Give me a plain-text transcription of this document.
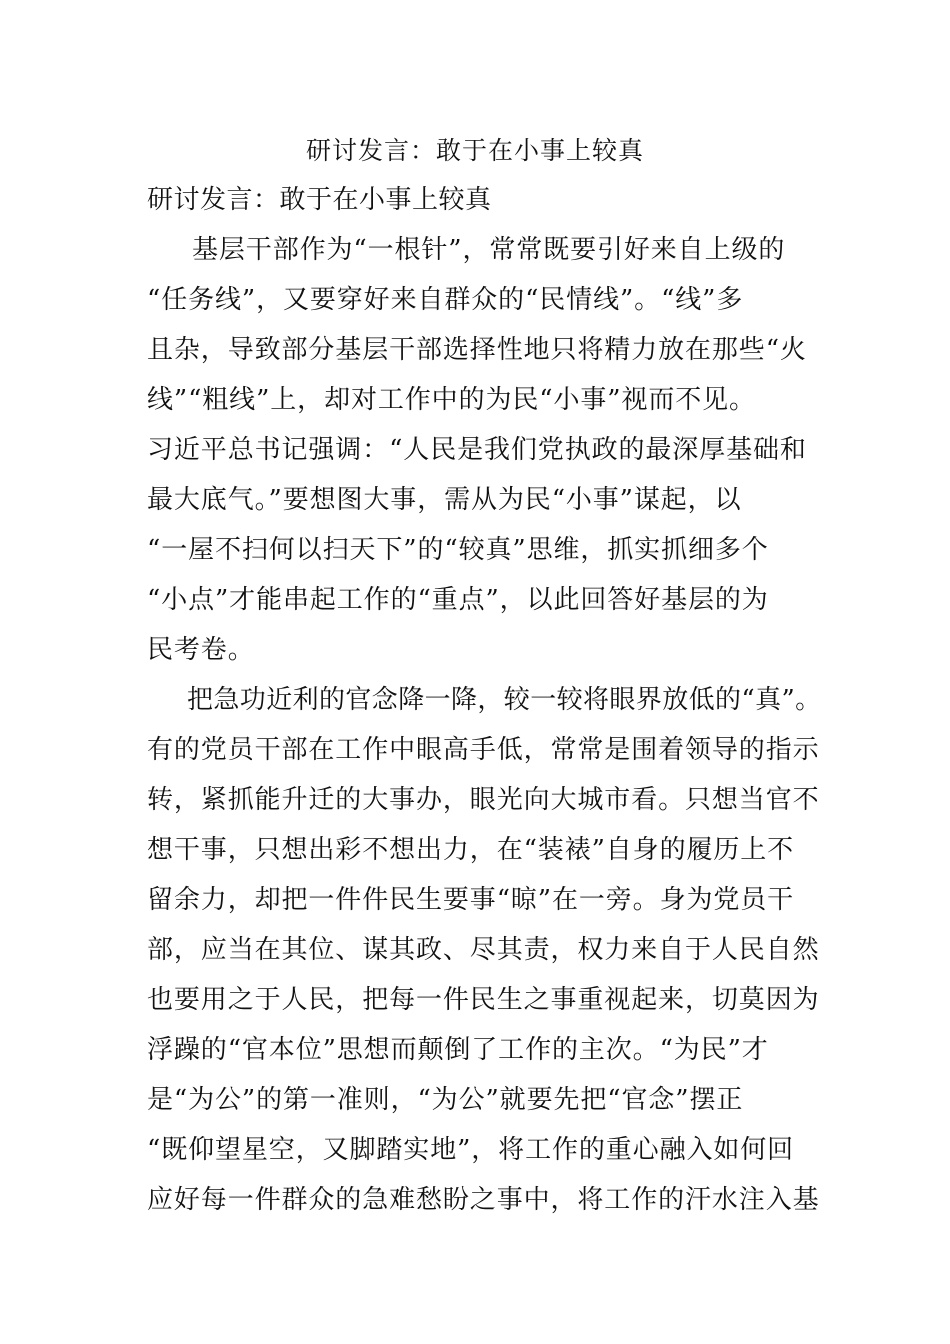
研讨发言：敢于在小事上较真
研讨发言：敢于在小事上较真
基层干部作为“一根针”，常常既要引好来自上级的
“任务线”，又要穿好来自群众的“民情线”。“线”多
且杂，导致部分基层干部选择性地只将精力放在那些“火
线”“粗线”上，却对工作中的为民“小事”视而不见。
习近平总书记强调：“人民是我们党执政的最深厚基础和
最大底气。”要想图大事，需从为民“小事”谋起，以
“一屋不扫何以扫天下”的“较真”思维，抓实抓细多个
“小点”才能串起工作的“重点”，以此回答好基层的为
民考卷。
把急功近利的官念降一降，较一较将眼界放低的“真”。
有的党员干部在工作中眼高手低，常常是围着领导的指示
转，紧抓能升迁的大事办，眼光向大城市看。只想当官不
想干事，只想出彩不想出力，在“装裱”自身的履历上不
留余力，却把一件件民生要事“晾”在一旁。身为党员干
部，应当在其位、谋其政、尽其责，权力来自于人民自然
也要用之于人民，把每一件民生之事重视起来，切莫因为
浮躁的“官本位”思想而颠倒了工作的主次。“为民”才
是“为公”的第一准则，“为公”就要先把“官念”摆正
“既仰望星空，又脚踏实地”，将工作的重心融入如何回
应好每一件群众的急难愁盼之事中，将工作的汗水注入基
